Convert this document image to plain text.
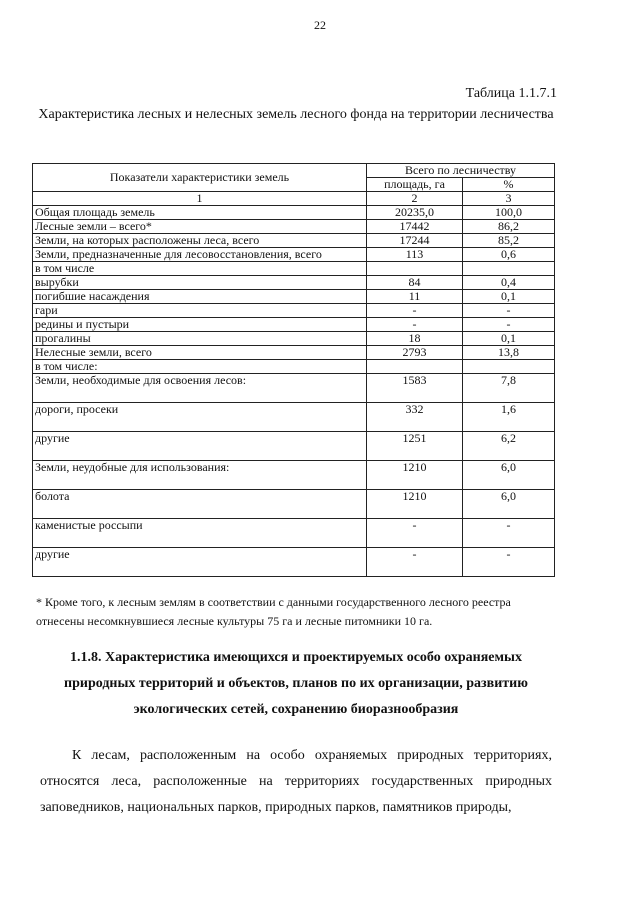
22
Таблица 1.1.7.1
Характеристика лесных и нелесных земель лесного фонда на территории лесничества
Показатели характеристики земель	Всего по лесничеству	
	площадь, га	%
1	2	3
Общая площадь земель	20235,0	100,0
Лесные земли – всего*	17442	86,2
Земли, на которых расположены леса, всего	17244	85,2
Земли, предназначенные для лесовосстановления, всего	113	0,6
в том числе		
вырубки	84	0,4
погибшие насаждения	11	0,1
гари	-	-
редины и пустыри	-	-
прогалины	18	0,1
Нелесные земли, всего	2793	13,8
в том числе:		
Земли, необходимые для освоения лесов:	1583	7,8
дороги, просеки	332	1,6
другие	1251	6,2
Земли, неудобные для использования:	1210	6,0
болота	1210	6,0
каменистые россыпи	-	-
другие	-	-
* Кроме того, к лесным землям в соответствии с данными государственного лесного реестра отнесены несомкнувшиеся лесные культуры 75 га и лесные питомники 10 га.
1.1.8. Характеристика имеющихся и проектируемых особо охраняемых природных территорий и объектов, планов по их организации, развитию экологических сетей, сохранению биоразнообразия
К лесам, расположенным на особо охраняемых природных территориях, относятся леса, расположенные на территориях государственных природных заповедников, национальных парков, природных парков, памятников природы,
